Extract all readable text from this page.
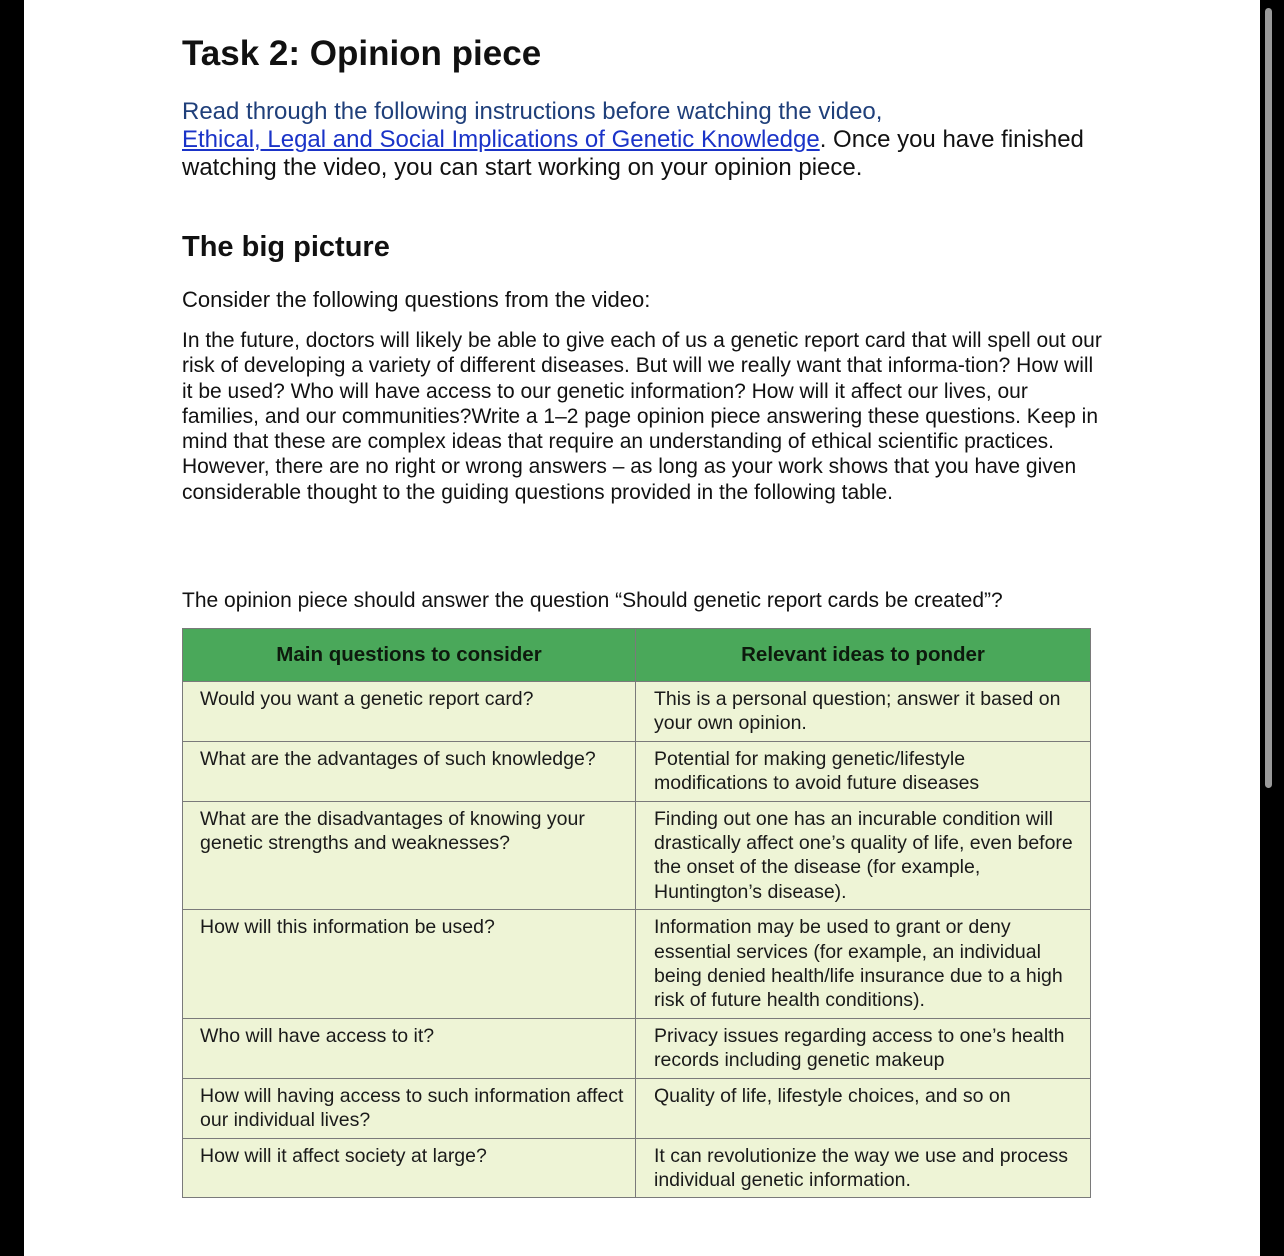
Task 2: Opinion piece

Read through the following instructions before watching the video,
Ethical, Legal and Social Implications of Genetic Knowledge. Once you have finished watching the video, you can start working on your opinion piece.

The big picture

Consider the following questions from the video:

In the future, doctors will likely be able to give each of us a genetic report card that will spell out our risk of developing a variety of different diseases. But will we really want that informa-tion? How will it be used? Who will have access to our genetic information? How will it affect our lives, our families, and our communities?Write a 1–2 page opinion piece answering these questions. Keep in mind that these are complex ideas that require an understanding of ethical scientific practices. However, there are no right or wrong answers – as long as your work shows that you have given considerable thought to the guiding questions provided in the following table.

The opinion piece should answer the question “Should genetic report cards be created”?

Main questions to consider	Relevant ideas to ponder
Would you want a genetic report card?	This is a personal question; answer it based on your own opinion.
What are the advantages of such knowledge?	Potential for making genetic/lifestyle modifications to avoid future diseases
What are the disadvantages of knowing your genetic strengths and weaknesses?	Finding out one has an incurable condition will drastically affect one’s quality of life, even before the onset of the disease (for example, Huntington’s disease).
How will this information be used?	Information may be used to grant or deny essential services (for example, an individual being denied health/life insurance due to a high risk of future health conditions).
Who will have access to it?	Privacy issues regarding access to one’s health records including genetic makeup
How will having access to such information affect our individual lives?	Quality of life, lifestyle choices, and so on
How will it affect society at large?	It can revolutionize the way we use and process individual genetic information.
